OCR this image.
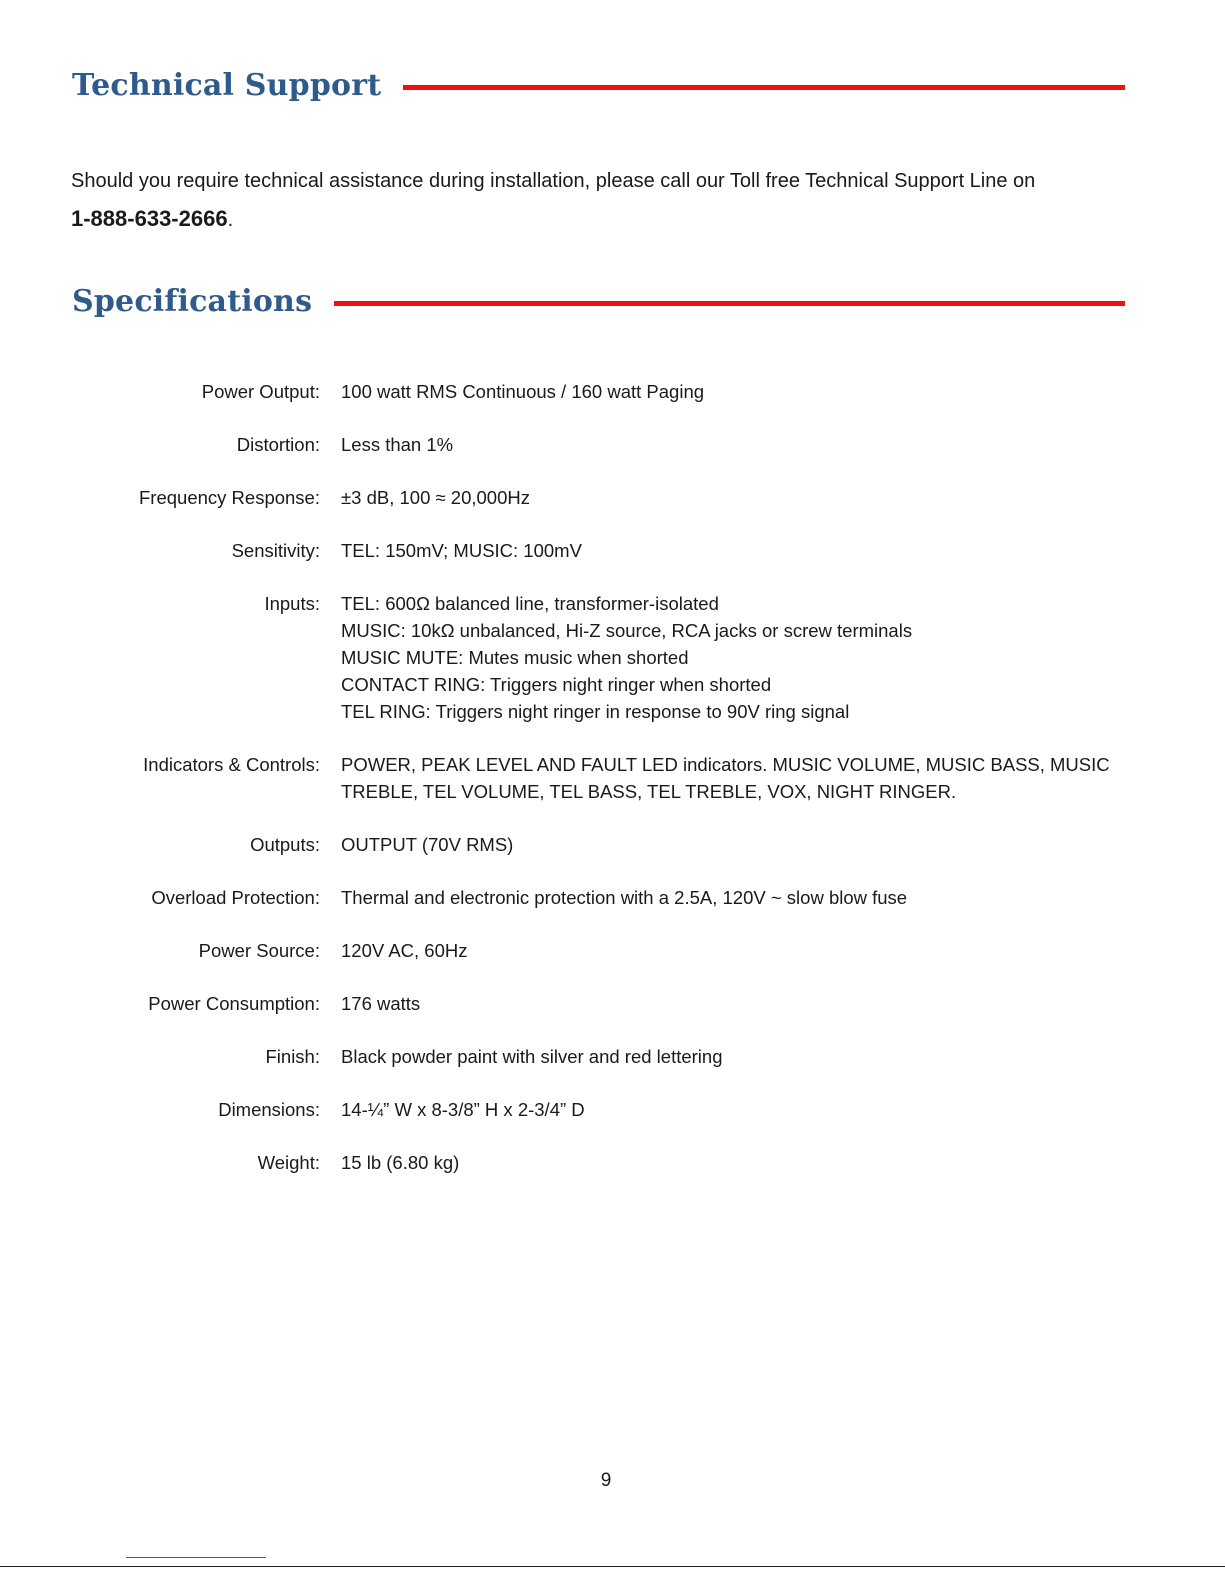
Technical Support
Should you require technical assistance during installation, please call our Toll free Technical Support Line on
1-888-633-2666.
Specifications
Power Output:	100 watt RMS Continuous / 160 watt Paging
Distortion:	Less than 1%
Frequency Response:	±3 dB, 100 ≈ 20,000Hz
Sensitivity:	TEL: 150mV; MUSIC: 100mV
Inputs:	TEL: 600Ω balanced line, transformer-isolated
MUSIC: 10kΩ unbalanced, Hi-Z source, RCA jacks or screw terminals
MUSIC MUTE: Mutes music when shorted
CONTACT RING: Triggers night ringer when shorted
TEL RING: Triggers night ringer in response to 90V ring signal
Indicators & Controls:	POWER, PEAK LEVEL AND FAULT LED indicators. MUSIC VOLUME, MUSIC BASS, MUSIC
TREBLE, TEL VOLUME, TEL BASS, TEL TREBLE, VOX, NIGHT RINGER.
Outputs:	OUTPUT (70V RMS)
Overload Protection:	Thermal and electronic protection with a 2.5A, 120V ~ slow blow fuse
Power Source:	120V AC, 60Hz
Power Consumption:	176 watts
Finish:	Black powder paint with silver and red lettering
Dimensions:	14-¼” W x 8-3/8” H x 2-3/4” D
Weight:	15 lb (6.80 kg)
9
